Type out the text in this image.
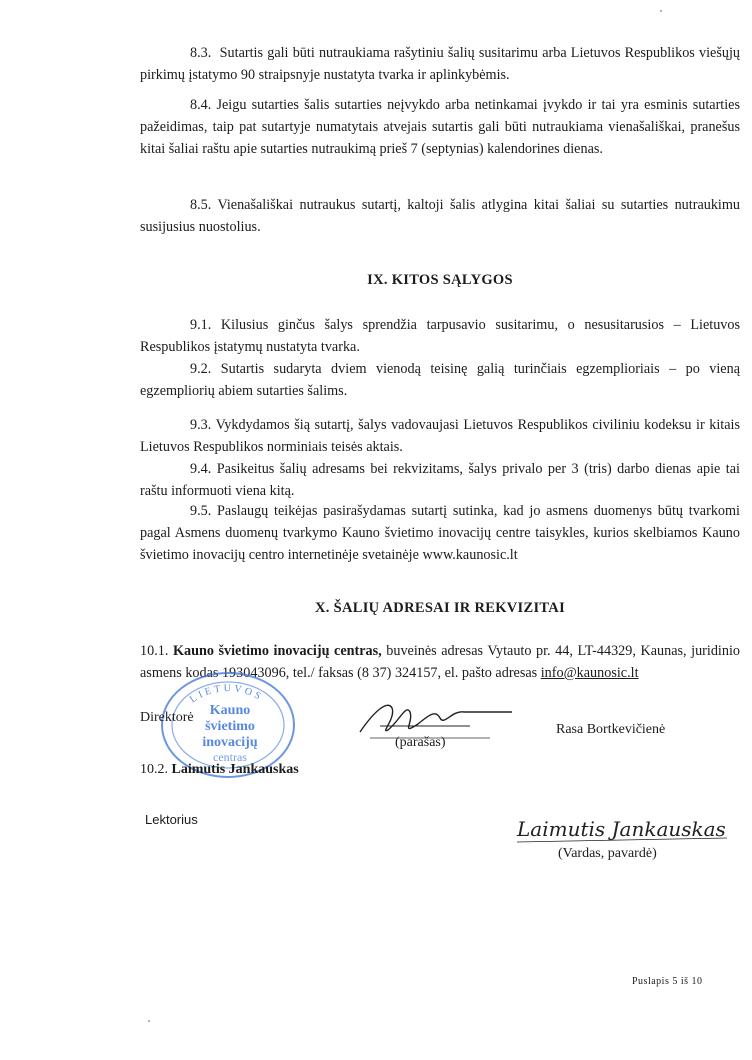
8.3. Sutartis gali būti nutraukiama rašytiniu šalių susitarimu arba Lietuvos Respublikos viešųjų pirkimų įstatymo 90 straipsnyje nustatyta tvarka ir aplinkybėmis.

8.4. Jeigu sutarties šalis sutarties neįvykdo arba netinkamai įvykdo ir tai yra esminis sutarties pažeidimas, taip pat sutartyje numatytais atvejais sutartis gali būti nutraukiama vienašališkai, pranešus kitai šaliai raštu apie sutarties nutraukimą prieš 7 (septynias) kalendorines dienas.

8.5. Vienašališkai nutraukus sutartį, kaltoji šalis atlygina kitai šaliai su sutarties nutraukimu susijusius nuostolius.

IX. KITOS SĄLYGOS

9.1. Kilusius ginčus šalys sprendžia tarpusavio susitarimu, o nesusitarusios – Lietuvos Respublikos įstatymų nustatyta tvarka.

9.2. Sutartis sudaryta dviem vienodą teisinę galią turinčiais egzemplioriais – po vieną egzempliorių abiem sutarties šalims.

9.3. Vykdydamos šią sutartį, šalys vadovaujasi Lietuvos Respublikos civiliniu kodeksu ir kitais Lietuvos Respublikos norminiais teisės aktais.

9.4. Pasikeitus šalių adresams bei rekvizitams, šalys privalo per 3 (tris) darbo dienas apie tai raštu informuoti viena kitą.

9.5. Paslaugų teikėjas pasirašydamas sutartį sutinka, kad jo asmens duomenys būtų tvarkomi pagal Asmens duomenų tvarkymo Kauno švietimo inovacijų centre taisykles, kurios skelbiamos Kauno švietimo inovacijų centro internetinėje svetainėje www.kaunosic.lt

X. ŠALIŲ ADRESAI IR REKVIZITAI

10.1. Kauno švietimo inovacijų centras, buveinės adresas Vytauto pr. 44, LT-44329, Kaunas, juridinio asmens kodas 193043096, tel./ faksas (8 37) 324157, el. pašto adresas info@kaunosic.lt

LIETUVOS
Kauno
švietimo
inovacijų
centras
Direktorė
(parašas)
Rasa Bortkevičienė
10.2. Laimutis Jankauskas
Lektorius	Laimutis Jankauskas
(Vardas, pavardė)
Puslapis 5 iš 10
